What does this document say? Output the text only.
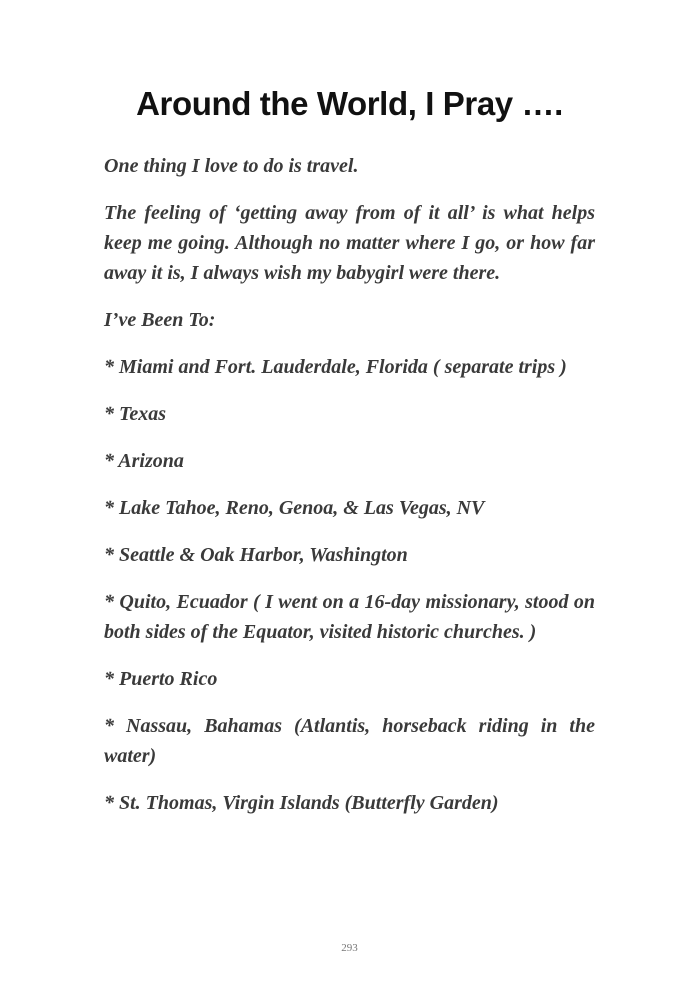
Around the World, I Pray ….

One thing I love to do is travel.

The feeling of ‘getting away from of it all’ is what helps keep me going. Although no matter where I go, or how far away it is, I always wish my babygirl were there.

I’ve Been To:

* Miami and Fort. Lauderdale, Florida ( separate trips )

* Texas

* Arizona

* Lake Tahoe, Reno, Genoa, & Las Vegas, NV

* Seattle & Oak Harbor, Washington

* Quito, Ecuador ( I went on a 16-day missionary, stood on both sides of the Equator, visited historic churches. )

* Puerto Rico

* Nassau, Bahamas (Atlantis, horseback riding in the water)

* St. Thomas, Virgin Islands (Butterfly Garden)

293
